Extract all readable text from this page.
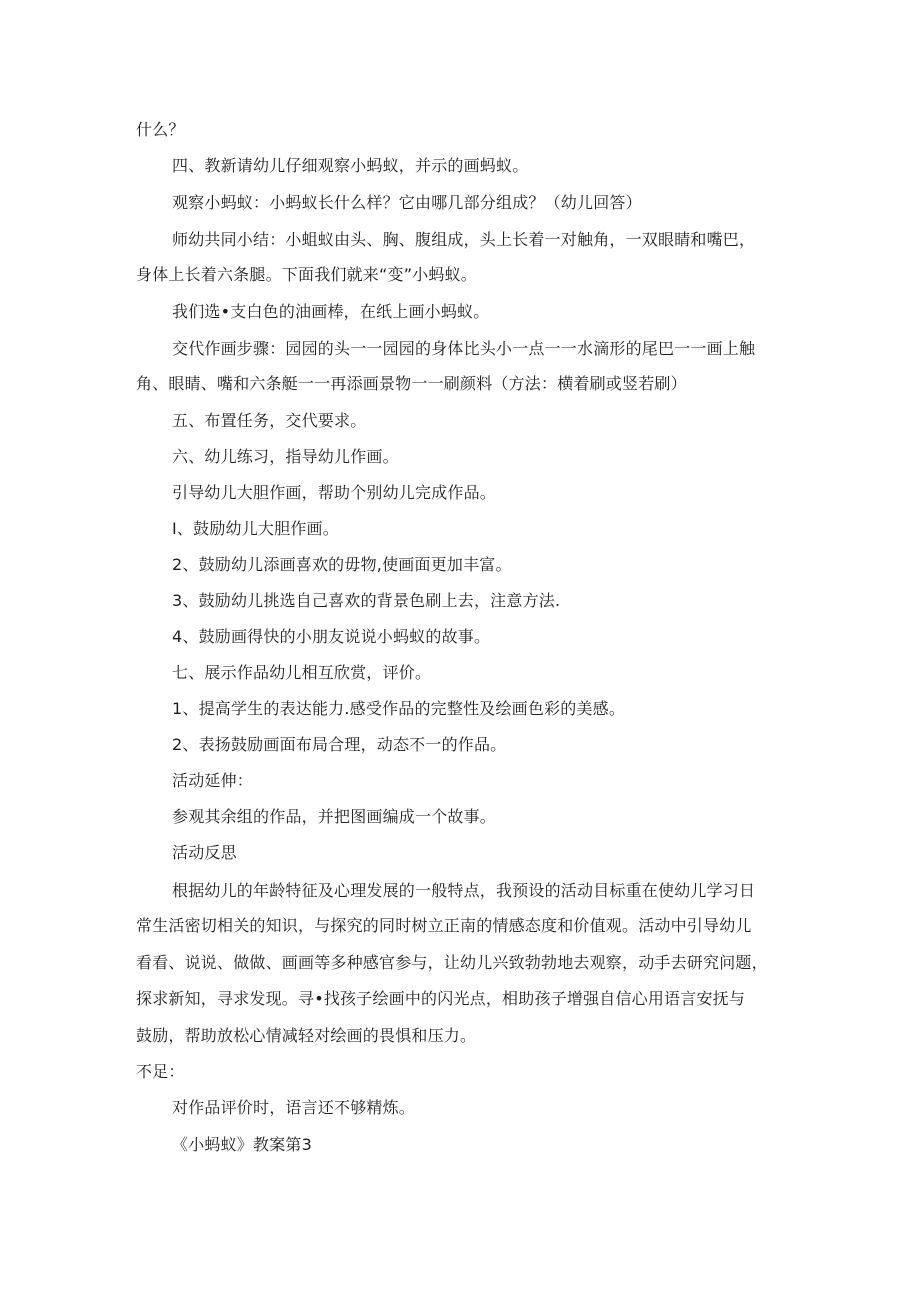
什么？
四、教新请幼儿仔细观察小蚂蚁，并示的画蚂蚁。
观察小蚂蚁：小蚂蚁长什么样？它由哪几部分组成？（幼儿回答）
师幼共同小结：小蛆蚁由头、胸、腹组成，头上长着一对触角，一双眼睛和嘴巴，
身体上长着六条腿。下面我们就来“变”小蚂蚁。
我们选•支白色的油画棒，在纸上画小蚂蚁。
交代作画步骤：园园的头一一园园的身体比头小一点一一水滴形的尾巴一一画上触
角、眼睛、嘴和六条艇一一再添画景物一一刷颜料（方法：横着刷或竖若刷）
五、布置任务，交代要求。
六、幼儿练习，指导幼儿作画。
引导幼儿大胆作画，帮助个别幼儿完成作品。
I、鼓励幼儿大胆作画。
2、鼓励幼儿添画喜欢的毋物,使画面更加丰富。
3、鼓励幼儿挑选自己喜欢的背景色刷上去，注意方法.
4、鼓励画得快的小朋友说说小蚂蚁的故事。
七、展示作品幼儿相互欣赏，评价。
1、提高学生的表达能力.感受作品的完整性及绘画色彩的美感。
2、表扬鼓励画面布局合理，动态不一的作品。
活动延伸：
参观其余组的作品，并把图画编成一个故事。
活动反思
根据幼儿的年龄特征及心理发展的一般特点，我预设的活动目标重在使幼儿学习日
常生活密切相关的知识，与探究的同时树立正南的情感态度和价值观。活动中引导幼儿
看看、说说、做做、画画等多种感官参与，让幼儿兴致勃勃地去观察，动手去研究问题，
探求新知，寻求发现。寻•找孩子绘画中的闪光点，相助孩子增强自信心用语言安抚与
鼓励，帮助放松心情减轻对绘画的畏惧和压力。
不足：
对作品评价时，语言还不够精炼。
《小蚂蚁》教案第3
